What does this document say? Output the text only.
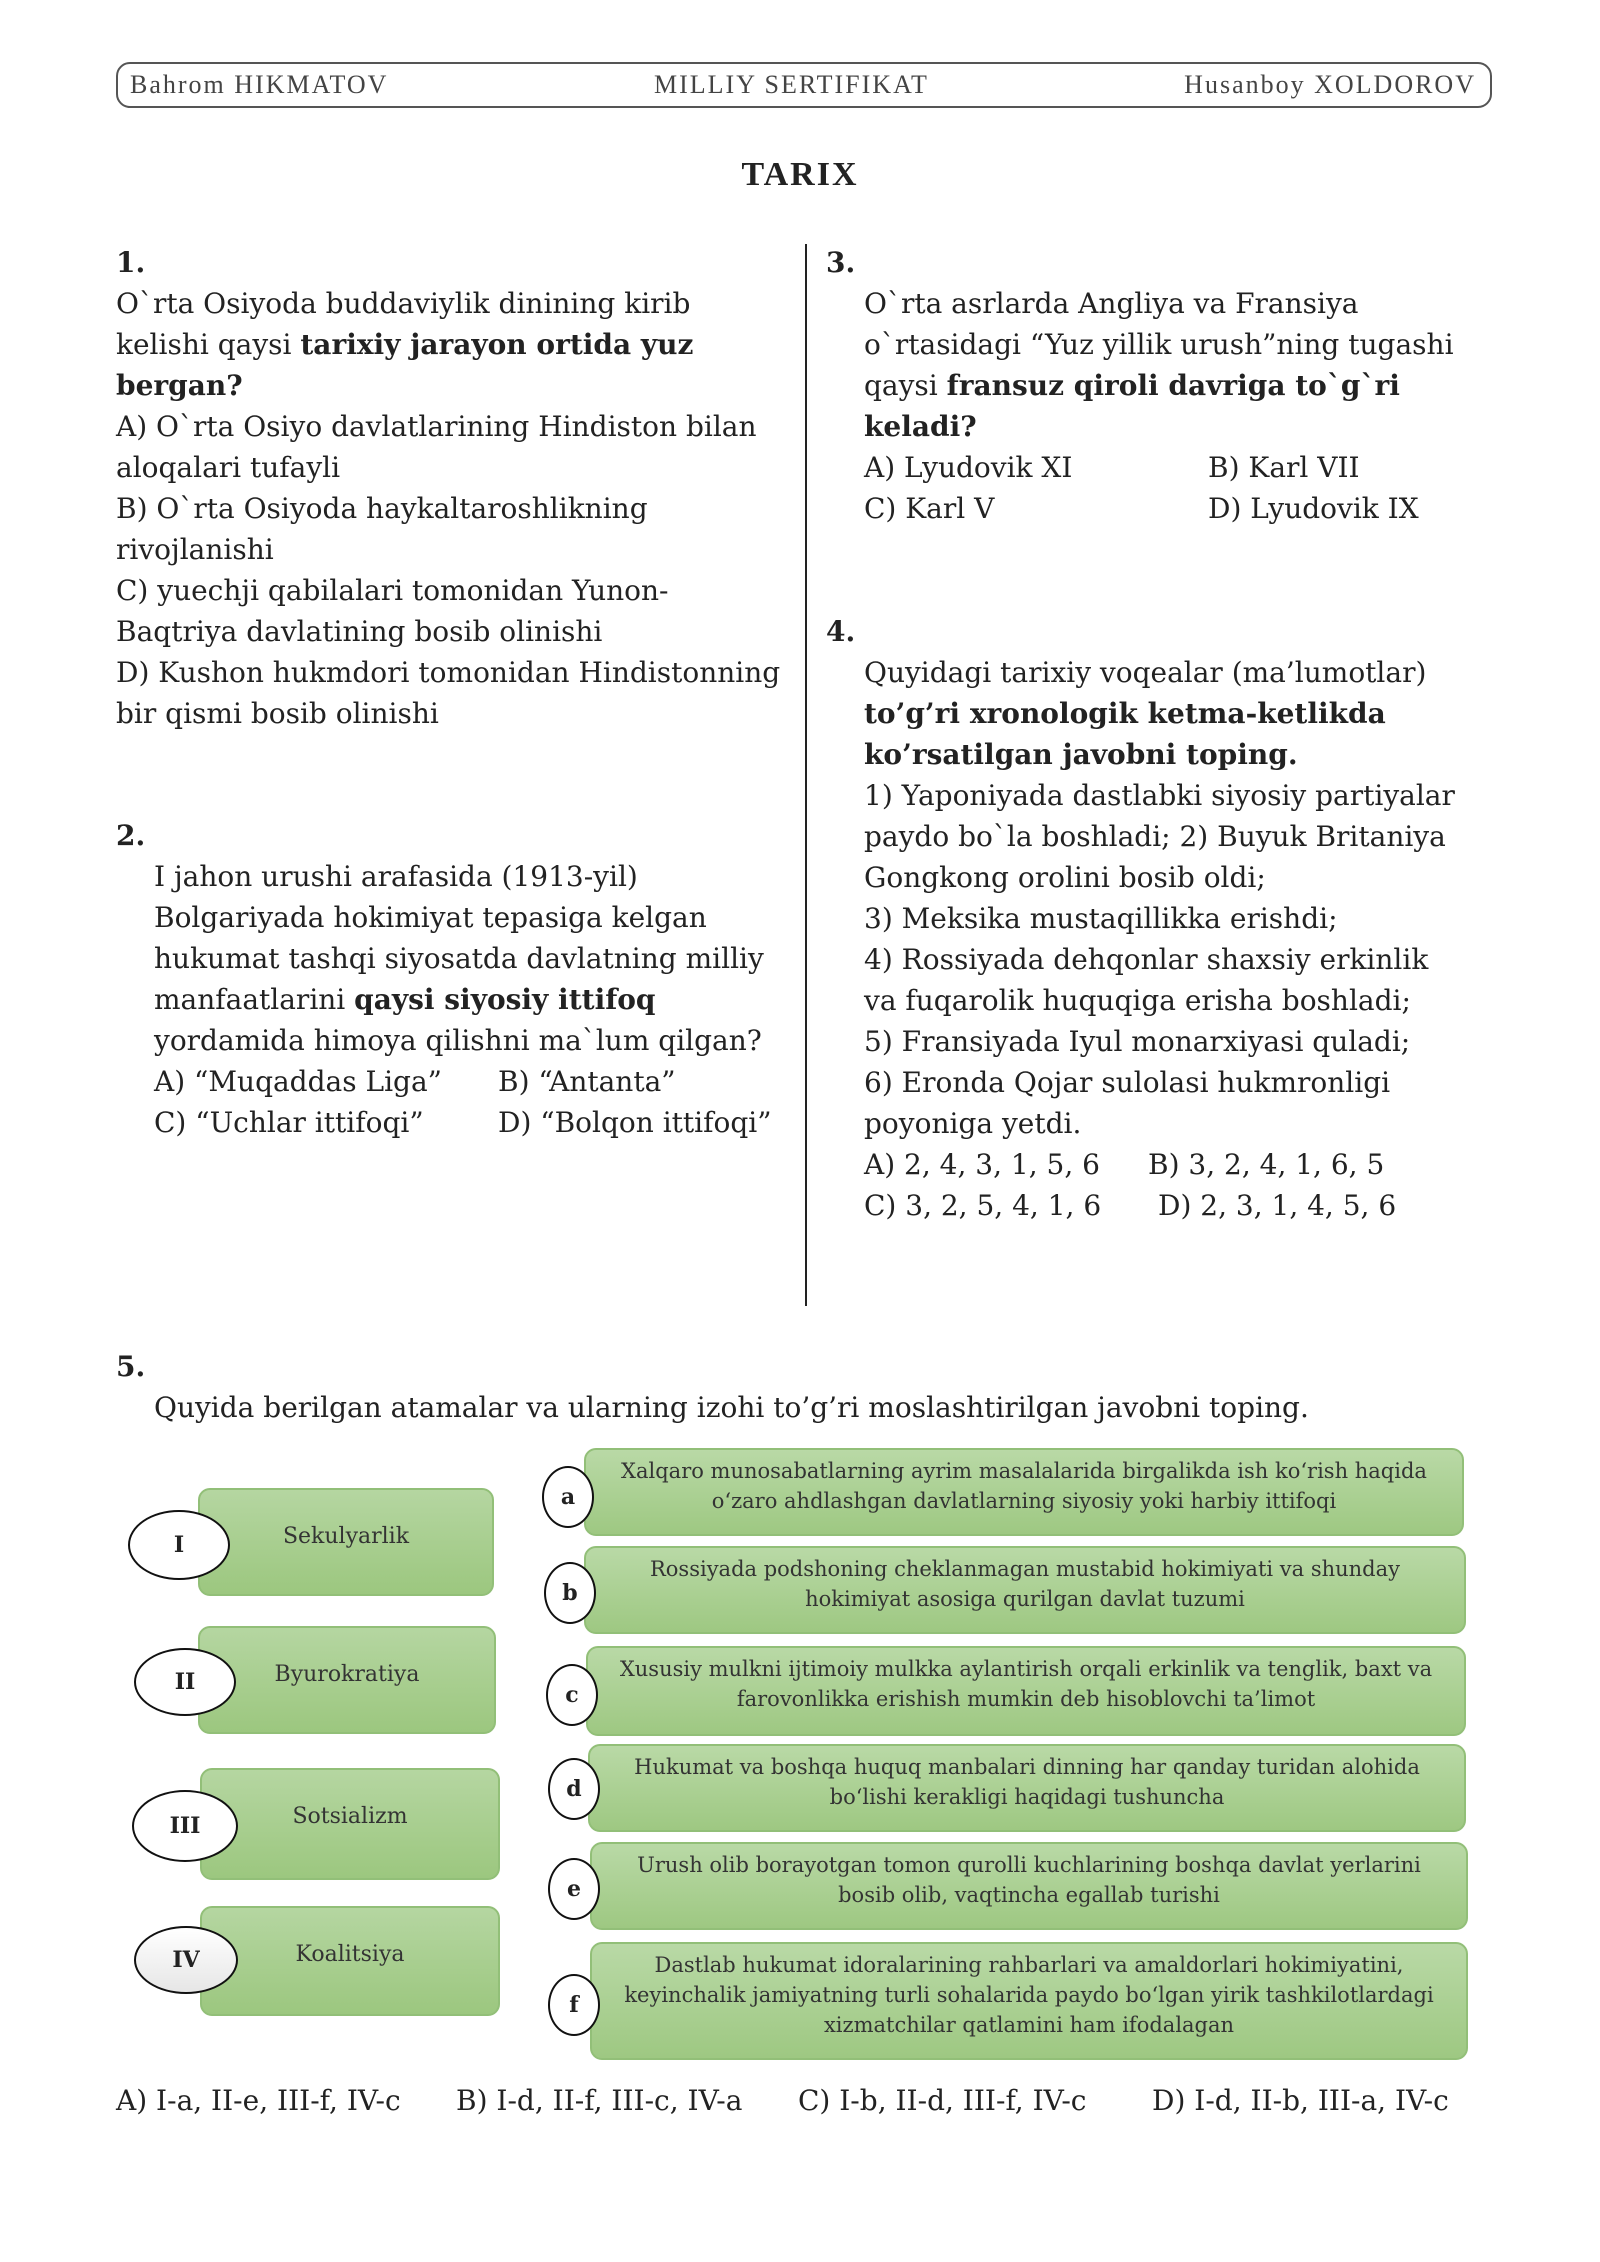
Bahrom HIKMATOV	MILLIY SERTIFIKAT	Husanboy XOLDOROV
TARIX

1.

O`rta Osiyoda buddaviylik dinining kirib kelishi qaysi tarixiy jarayon ortida yuz bergan?

A) O`rta Osiyo davlatlarining Hindiston bilan aloqalari tufayli

B) O`rta Osiyoda haykaltaroshlikning rivojlanishi

C) yuechji qabilalari tomonidan Yunon-Baqtriya davlatining bosib olinishi

D) Kushon hukmdori tomonidan Hindistonning bir qismi bosib olinishi

2.

I jahon urushi arafasida (1913-yil) Bolgariyada hokimiyat tepasiga kelgan hukumat tashqi siyosatda davlatning milliy manfaatlarini qaysi siyosiy ittifoq yordamida himoya qilishni ma`lum qilgan?

A) “Muqaddas Liga”	B) “Antanta”
C) “Uchlar ittifoqi”	D) “Bolqon ittifoqi”

3.

O`rta asrlarda Angliya va Fransiya o`rtasidagi “Yuz yillik urush”ning tugashi qaysi fransuz qiroli davriga to`g`ri keladi?

A) Lyudovik XI	B) Karl VII
C) Karl V	D) Lyudovik IX

4.

Quyidagi tarixiy voqealar (ma’lumotlar) to’g’ri xronologik ketma-ketlikda ko’rsatilgan javobni toping.

1) Yaponiyada dastlabki siyosiy partiyalar paydo bo`la boshladi; 2) Buyuk Britaniya Gongkong orolini bosib oldi;

3) Meksika mustaqillikka erishdi;

4) Rossiyada dehqonlar shaxsiy erkinlik va fuqarolik huquqiga erisha boshladi;

5) Fransiyada Iyul monarxiyasi quladi;

6) Eronda Qojar sulolasi hukmronligi poyoniga yetdi.

A) 2, 4, 3, 1, 5, 6	B) 3, 2, 4, 1, 6, 5
C) 3, 2, 5, 4, 1, 6	D) 2, 3, 1, 4, 5, 6

5.

Quyida berilgan atamalar va ularning izohi to’g’ri moslashtirilgan javobni toping.

Sekulyarlik
I
Byurokratiya
II
Sotsializm
III
Koalitsiya
IV
Xalqaro munosabatlarning ayrim masalalarida birgalikda ish ko‘rish haqida o‘zaro ahdlashgan davlatlarning siyosiy yoki harbiy ittifoqi
a
Rossiyada podshoning cheklanmagan mustabid hokimiyati va shunday hokimiyat asosiga qurilgan davlat tuzumi
b
Xususiy mulkni ijtimoiy mulkka aylantirish orqali erkinlik va tenglik, baxt va farovonlikka erishish mumkin deb hisoblovchi ta’limot
c
Hukumat va boshqa huquq manbalari dinning har qanday turidan alohida bo‘lishi kerakligi haqidagi tushuncha
d
Urush olib borayotgan tomon qurolli kuchlarining boshqa davlat yerlarini bosib olib, vaqtincha egallab turishi
e
Dastlab hukumat idoralarining rahbarlari va amaldorlari hokimiyatini, keyinchalik jamiyatning turli sohalarida paydo bo‘lgan yirik tashkilotlardagi xizmatchilar qatlamini ham ifodalagan
f
A) I-a, II-e, III-f, IV-c B) I-d, II-f, III-c, IV-a C) I-b, II-d, III-f, IV-c D) I-d, II-b, III-a, IV-c
